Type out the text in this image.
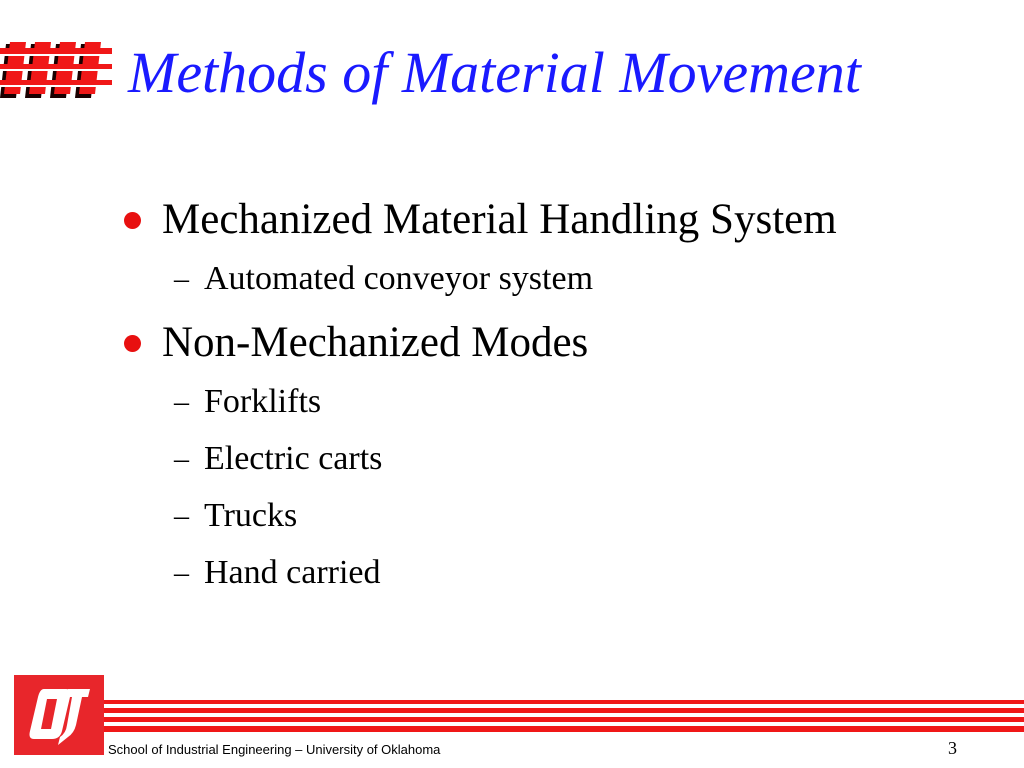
Methods of Material Movement
Mechanized Material Handling System
– Automated conveyor system
Non-Mechanized Modes
– Forklifts
– Electric carts
– Trucks
– Hand carried
School of Industrial Engineering – University of Oklahoma	3
